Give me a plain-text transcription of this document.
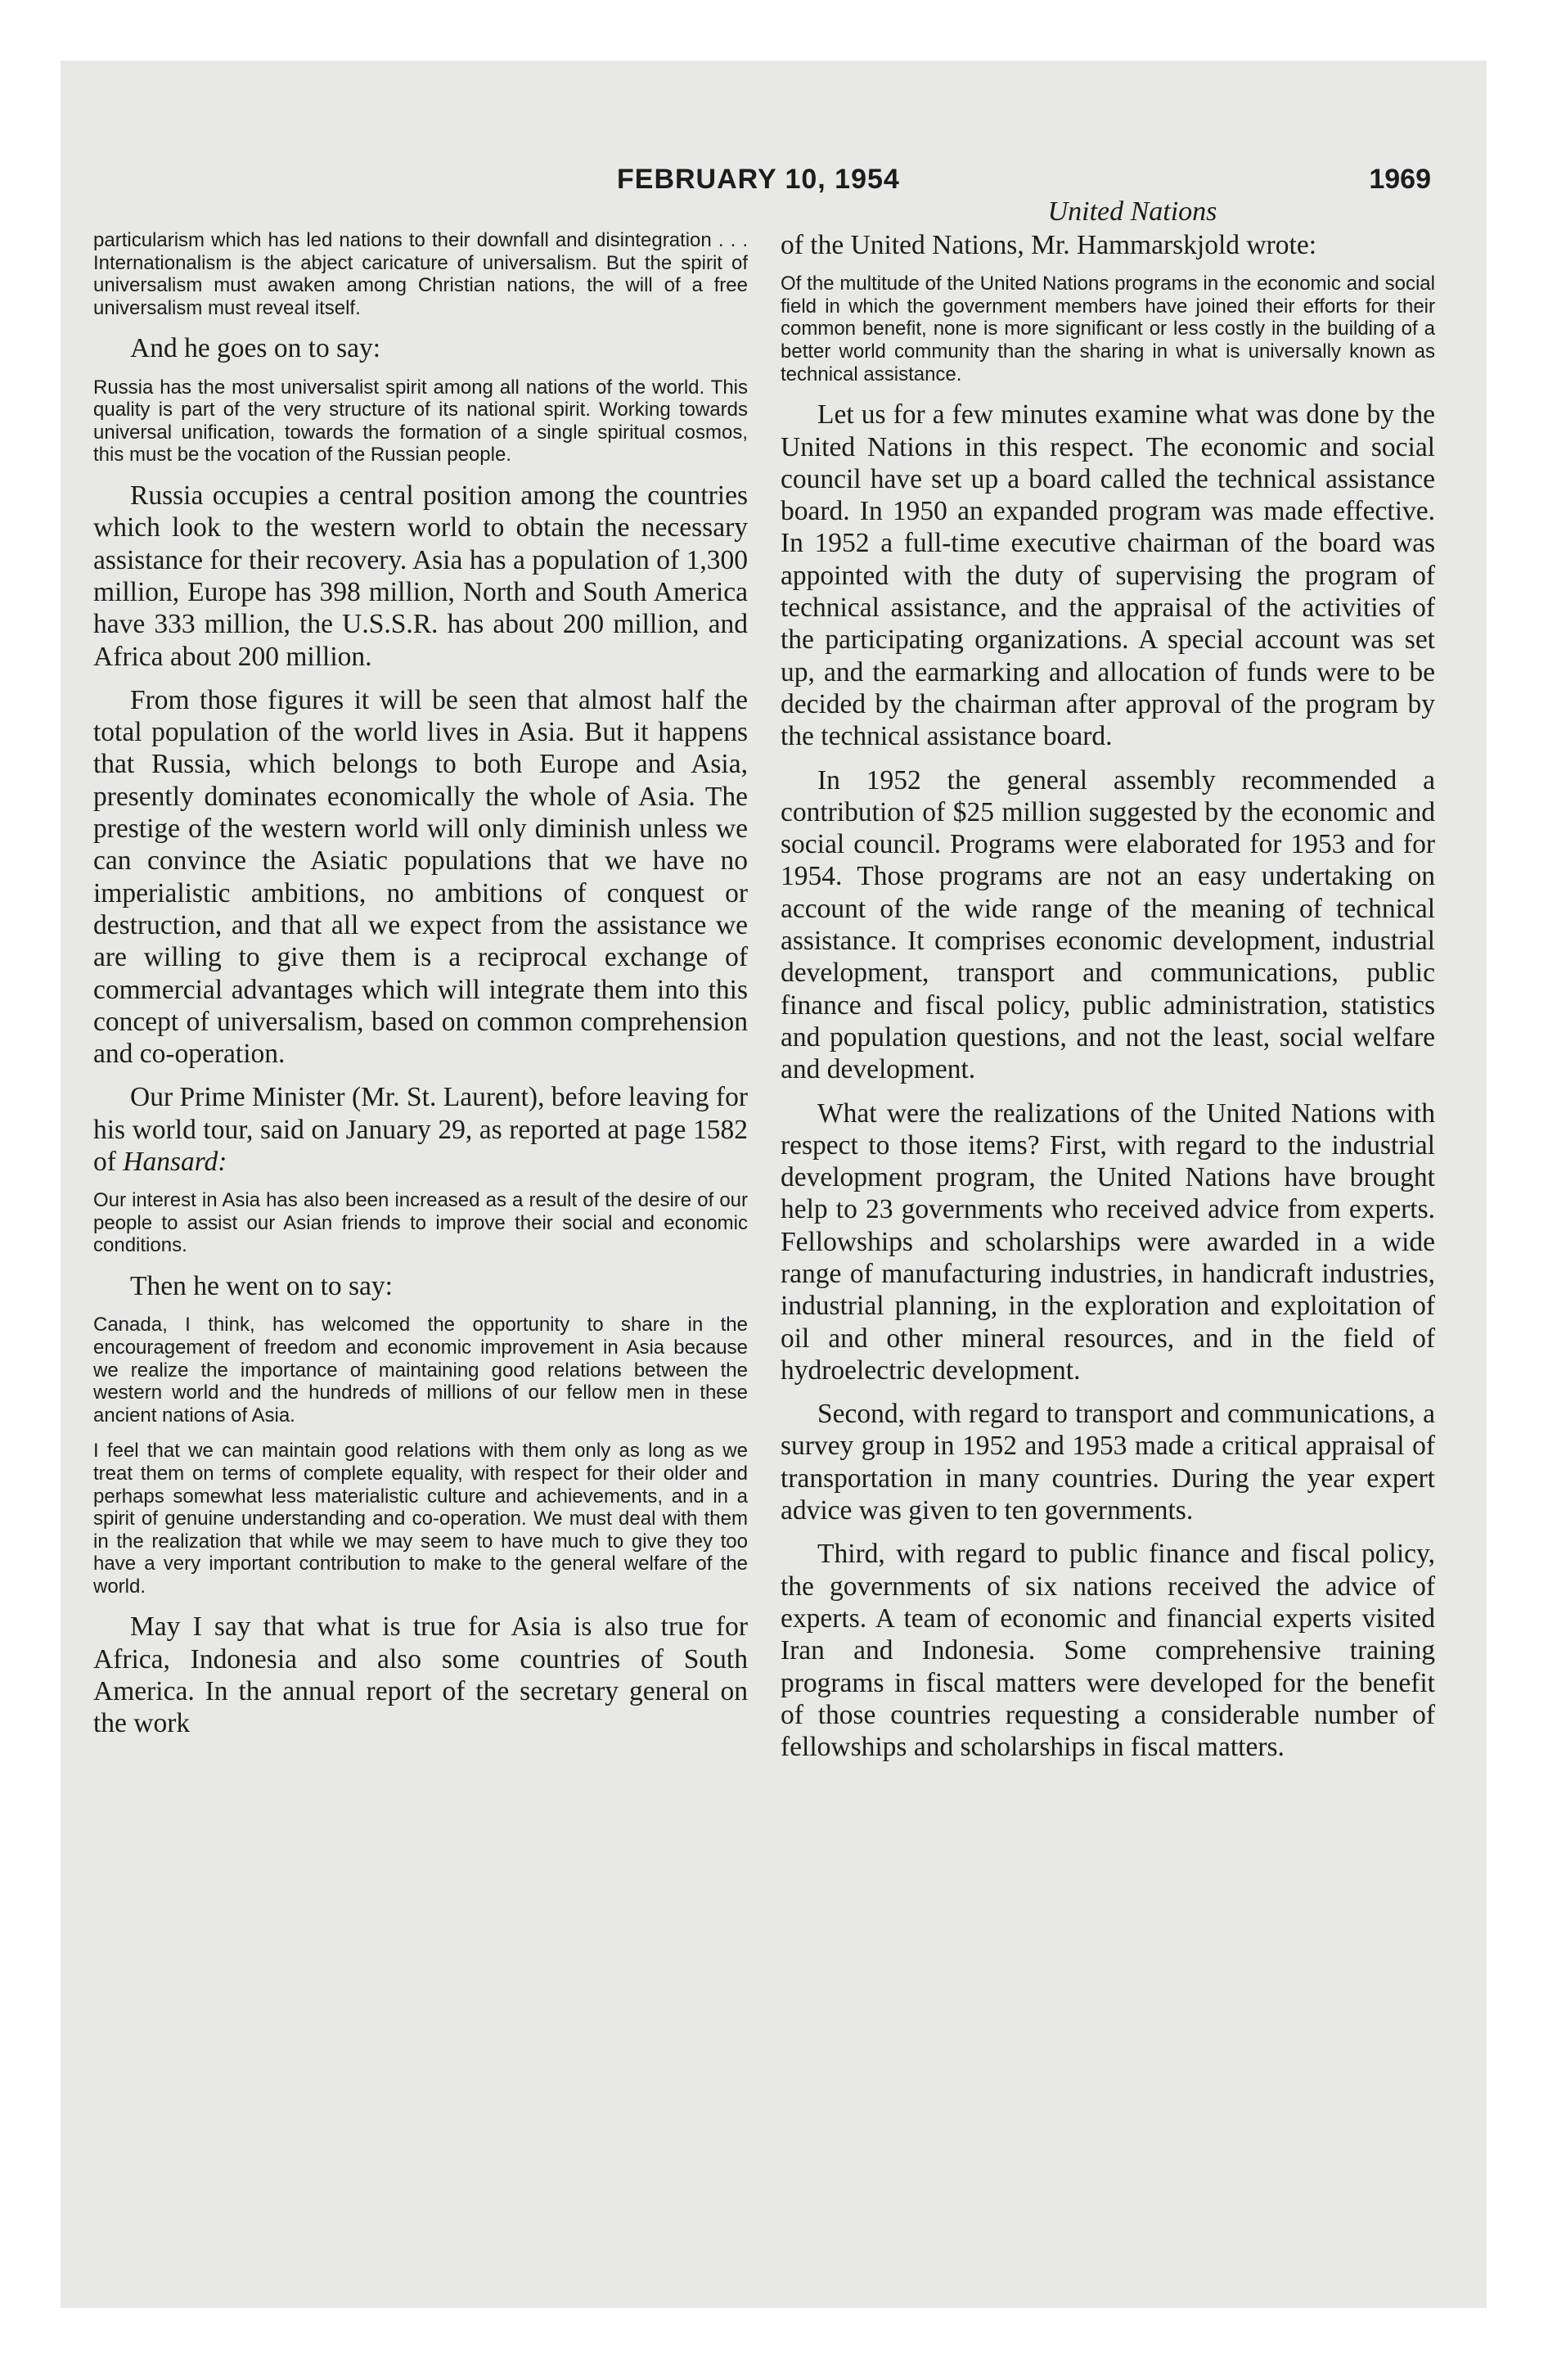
FEBRUARY 10, 1954	1969
United Nations

particularism which has led nations to their downfall and disintegration . . . Internationalism is the abject caricature of universalism. But the spirit of universalism must awaken among Christian nations, the will of a free universalism must reveal itself.

And he goes on to say:

Russia has the most universalist spirit among all nations of the world. This quality is part of the very structure of its national spirit. Working towards universal unification, towards the formation of a single spiritual cosmos, this must be the vocation of the Russian people.

Russia occupies a central position among the countries which look to the western world to obtain the necessary assistance for their recovery. Asia has a population of 1,300 million, Europe has 398 million, North and South America have 333 million, the U.S.S.R. has about 200 million, and Africa about 200 million.

From those figures it will be seen that almost half the total population of the world lives in Asia. But it happens that Russia, which belongs to both Europe and Asia, presently dominates economically the whole of Asia. The prestige of the western world will only diminish unless we can convince the Asiatic populations that we have no imperialistic ambitions, no ambitions of conquest or destruction, and that all we expect from the assistance we are willing to give them is a reciprocal exchange of commercial advantages which will integrate them into this concept of universalism, based on common comprehension and co-operation.

Our Prime Minister (Mr. St. Laurent), before leaving for his world tour, said on January 29, as reported at page 1582 of Hansard:

Our interest in Asia has also been increased as a result of the desire of our people to assist our Asian friends to improve their social and economic conditions.

Then he went on to say:

Canada, I think, has welcomed the opportunity to share in the encouragement of freedom and economic improvement in Asia because we realize the importance of maintaining good relations between the western world and the hundreds of millions of our fellow men in these ancient nations of Asia.

I feel that we can maintain good relations with them only as long as we treat them on terms of complete equality, with respect for their older and perhaps somewhat less materialistic culture and achievements, and in a spirit of genuine understanding and co-operation. We must deal with them in the realization that while we may seem to have much to give they too have a very important contribution to make to the general welfare of the world.

May I say that what is true for Asia is also true for Africa, Indonesia and also some countries of South America. In the annual report of the secretary general on the work

of the United Nations, Mr. Hammarskjold wrote:

Of the multitude of the United Nations programs in the economic and social field in which the government members have joined their efforts for their common benefit, none is more significant or less costly in the building of a better world community than the sharing in what is universally known as technical assistance.

Let us for a few minutes examine what was done by the United Nations in this respect. The economic and social council have set up a board called the technical assistance board. In 1950 an expanded program was made effective. In 1952 a full-time executive chairman of the board was appointed with the duty of supervising the program of technical assistance, and the appraisal of the activities of the participating organizations. A special account was set up, and the earmarking and allocation of funds were to be decided by the chairman after approval of the program by the technical assistance board.

In 1952 the general assembly recommended a contribution of $25 million suggested by the economic and social council. Programs were elaborated for 1953 and for 1954. Those programs are not an easy undertaking on account of the wide range of the meaning of technical assistance. It comprises economic development, industrial development, transport and communications, public finance and fiscal policy, public administration, statistics and population questions, and not the least, social welfare and development.

What were the realizations of the United Nations with respect to those items? First, with regard to the industrial development program, the United Nations have brought help to 23 governments who received advice from experts. Fellowships and scholarships were awarded in a wide range of manufacturing industries, in handicraft industries, industrial planning, in the exploration and exploitation of oil and other mineral resources, and in the field of hydroelectric development.

Second, with regard to transport and communications, a survey group in 1952 and 1953 made a critical appraisal of transportation in many countries. During the year expert advice was given to ten governments.

Third, with regard to public finance and fiscal policy, the governments of six nations received the advice of experts. A team of economic and financial experts visited Iran and Indonesia. Some comprehensive training programs in fiscal matters were developed for the benefit of those countries requesting a considerable number of fellowships and scholarships in fiscal matters.
